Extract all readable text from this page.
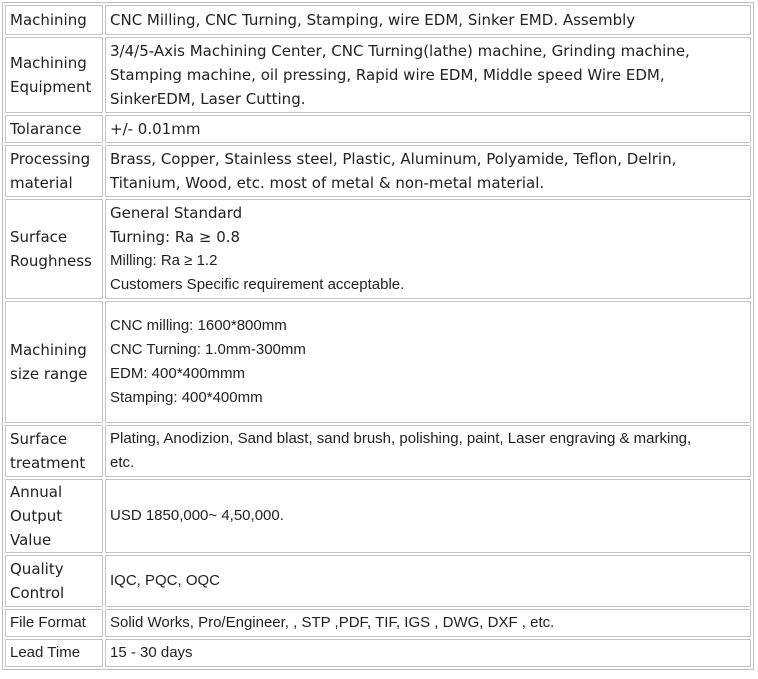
Machining	CNC Milling, CNC Turning, Stamping, wire EDM, Sinker EMD. Assembly

Machining
Equipment	3/4/5-Axis Machining Center, CNC Turning(lathe) machine, Grinding machine,
Stamping machine, oil pressing, Rapid wire EDM, Middle speed Wire EDM,
SinkerEDM, Laser Cutting.

Tolarance	+/- 0.01mm

Processing
material	Brass, Copper, Stainless steel, Plastic, Aluminum, Polyamide, Teflon, Delrin,
Titanium, Wood, etc. most of metal & non-metal material.

Surface
Roughness	General Standard
Turning: Ra ≥ 0.8
Milling: Ra ≥ 1.2
Customers Specific requirement acceptable.

Machining
size range	CNC milling: 1600*800mm
CNC Turning: 1.0mm-300mm
EDM: 400*400mmm
Stamping: 400*400mm

Surface
treatment	Plating, Anodizion, Sand blast, sand brush, polishing, paint, Laser engraving & marking,
etc.

Annual
Output
Value	USD 1850,000~ 4,50,000.

Quality
Control	IQC, PQC, OQC

File Format	Solid Works, Pro/Engineer, , STP ,PDF, TIF, IGS , DWG, DXF , etc.

Lead Time	15 - 30 days
